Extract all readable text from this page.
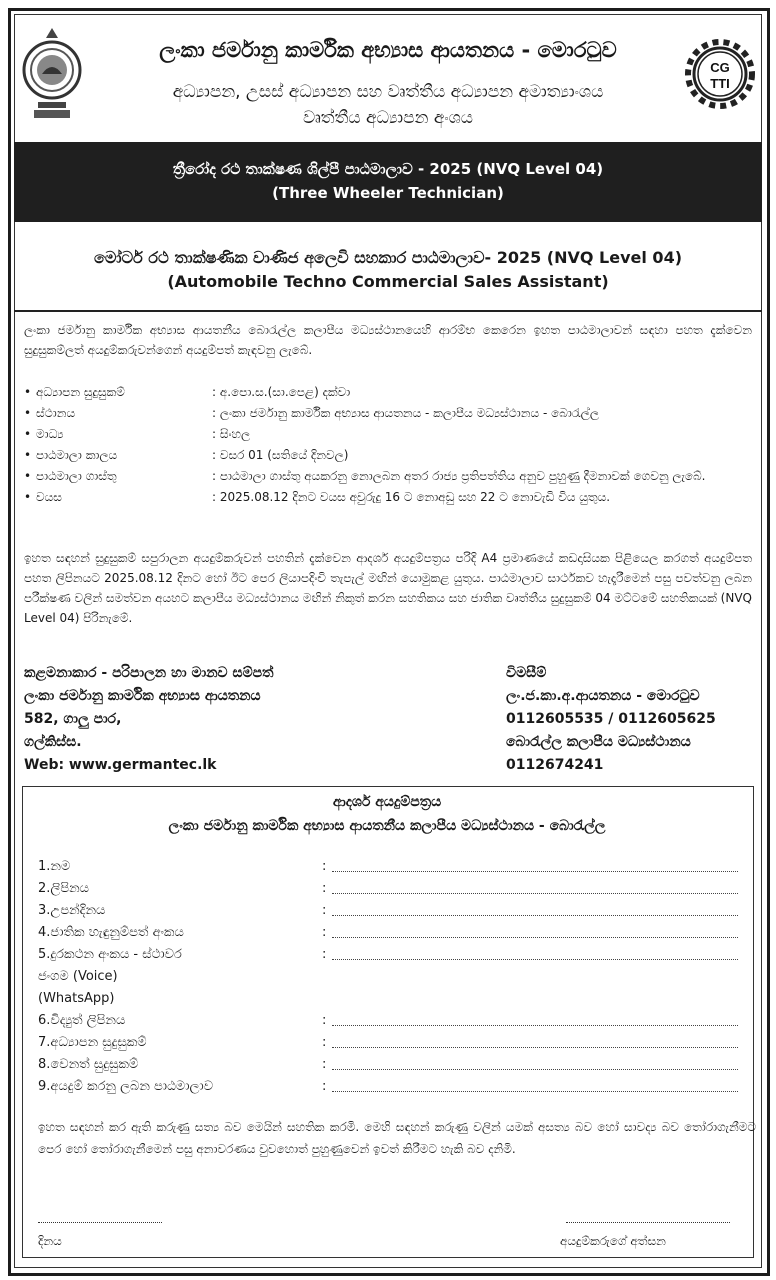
ලංකා ජර්මානු කාර්මික අභ්‍යාස ආයතනය - මොරටුව
අධ්‍යාපන, උසස් අධ්‍යාපන සහ වෘත්තීය අධ්‍යාපන අමාත්‍යාංශය
වෘත්තීය අධ්‍යාපන අංශය
CG
TTI
ත්‍රීරෝද රථ තාක්ෂණ ශිල්පී පාඨමාලාව - 2025 (NVQ Level 04)
(Three Wheeler Technician)
මෝටර් රථ තාක්ෂණික වාණිජ අලෙවි සහකාර පාඨමාලාව- 2025 (NVQ Level 04)
(Automobile Techno Commercial Sales Assistant)
ලංකා ජර්මානු කාර්මික අභ්‍යාස ආයතනීය බොරැල්ල කලාපීය මධ්‍යස්ථානයෙහි ආරම්භ කෙරෙන ඉහත පාඨමාලාවන් සඳහා පහත දැක්වෙන සුදුසුකම්ලත් අයදුම්කරුවන්ගෙන් අයදුම්පත් කැඳවනු ලැබේ.
• අධ්‍යාපන සුදුසුකම්	: අ.පො.ස.(සා.පෙළ) දක්වා
• ස්ථානය	: ලංකා ජර්මානු කාර්මික අභ්‍යාස ආයතනය - කලාපීය මධ්‍යස්ථානය - බොරැල්ල
• මාධ්‍ය	: සිංහල
• පාඨමාලා කාලය	: වසර 01 (සතියේ දිනවල)
• පාඨමාලා ගාස්තු	: පාඨමාලා ගාස්තු අයකරනු නොලබන අතර රාජ්‍ය ප්‍රතිපත්තිය අනුව පුහුණු දීමනාවක් ගෙවනු ලැබේ.
• වයස	: 2025.08.12 දිනට වයස අවුරුදු 16 ට නොඅඩු සහ 22 ට නොවැඩි විය යුතුය.
ඉහත සඳහන් සුදුසුකම් සපුරාලන අයදුම්කරුවන් පහතින් දැක්වෙන ආදර්ශ අයදුම්පත්‍රය පරිදි A4 ප්‍රමාණයේ කඩදාසියක පිළියෙල කරගත් අයදුම්පත පහත ලිපිනයට 2025.08.12 දිනට හෝ ඊට පෙර ලියාපදිංචි තැපැල් මඟින් යොමුකළ යුතුය. පාඨමාලාව සාර්ථකව හැදෑරීමෙන් පසු පවත්වනු ලබන පරීක්ෂණ වලින් සමත්වන අයහට කලාපීය මධ්‍යස්ථානය මඟින් නිකුත් කරන සහතිකය සහ ජාතික වෘත්තීය සුදුසුකම් 04 මට්ටමේ සහතිකයක් (NVQ Level 04) පිරිනැමේ.
කළමනාකාර - පරිපාලන හා මානව සම්පත්
ලංකා ජර්මානු කාර්මික අභ්‍යාස ආයතනය
582, ගාලු පාර,
ගල්කිස්ස.
Web: www.germantec.lk
විමසීම්
ලං.ජ.කා.අ.ආයතනය - මොරටුව
0112605535 / 0112605625
බොරැල්ල කලාපීය මධ්‍යස්ථානය
0112674241
ආදර්ශ අයදුම්පත්‍රය
ලංකා ජර්මානු කාර්මික අභ්‍යාස ආයතනීය කලාපීය මධ්‍යස්ථානය - බොරැල්ල
1.නම	:
2.ලිපිනය	:
3.උපන්දිනය	:
4.ජාතික හැඳුනුම්පත් අංකය	:
5.දුරකථන අංකය - ස්ථාවර	:
ජංගම (Voice)
(WhatsApp)
6.විද්‍යුත් ලිපිනය	:
7.අධ්‍යාපන සුදුසුකම්	:
8.වෙනත් සුදුසුකම්	:
9.අයදුම් කරනු ලබන පාඨමාලාව	:
ඉහත සඳහන් කර ඇති කරුණු සත්‍ය බව මෙයින් සහතික කරමි. මෙහි සඳහන් කරුණු වලින් යමක් අසත්‍ය බව හෝ සාවද්‍ය බව තෝරාගැනීමට පෙර හෝ තෝරාගැනීමෙන් පසු අනාවරණය වුවහොත් පුහුණුවෙන් ඉවත් කිරීමට හැකි බව දනිමි.
දිනය	අයදුම්කරුගේ අත්සන
